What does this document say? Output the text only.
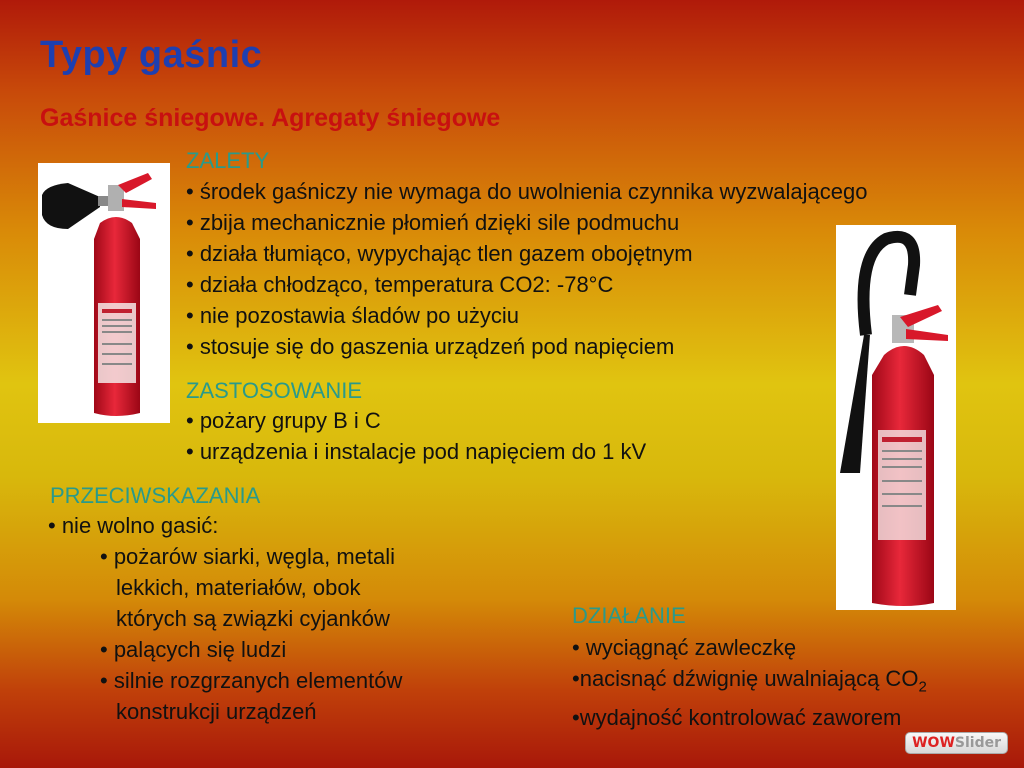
Typy gaśnic
Gaśnice śniegowe. Agregaty śniegowe
ZALETY
• środek gaśniczy nie wymaga do uwolnienia czynnika wyzwalającego
• zbija mechanicznie płomień dzięki sile podmuchu
• działa tłumiąco, wypychając tlen gazem obojętnym
• działa chłodząco, temperatura CO2: -78°C
• nie pozostawia śladów po użyciu
• stosuje się do gaszenia urządzeń pod napięciem
ZASTOSOWANIE
• pożary grupy B i C
• urządzenia i instalacje pod napięciem do 1 kV
PRZECIWSKAZANIA
• nie wolno gasić:
• pożarów siarki, węgla, metali
lekkich, materiałów, obok
których są związki cyjanków
• palących się ludzi
• silnie rozgrzanych elementów
konstrukcji urządzeń
DZIAŁANIE
• wyciągnąć zawleczkę
•nacisnąć dźwignię uwalniającą $CO_2$
•wydajność kontrolować zaworem
WOWSlider
